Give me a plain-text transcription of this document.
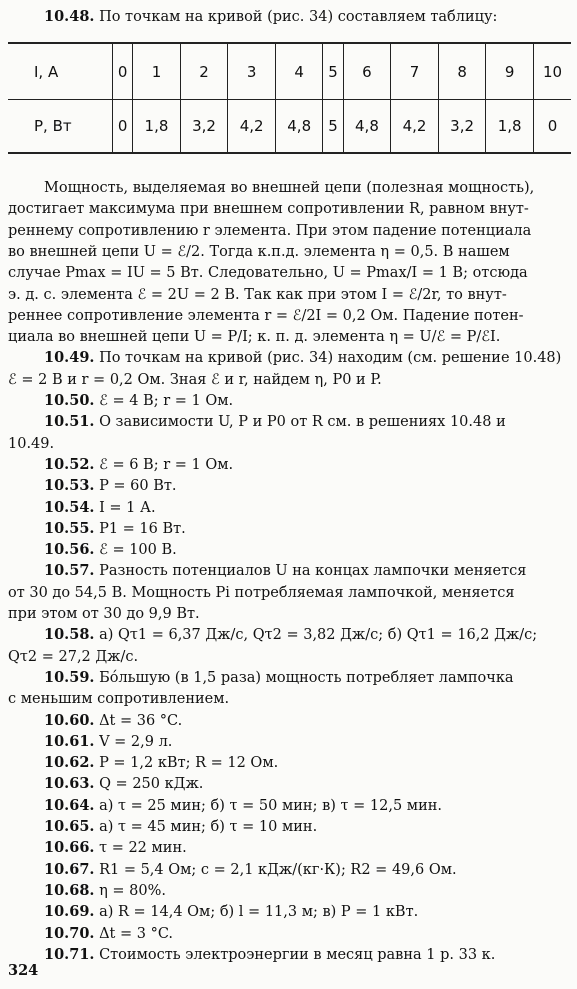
10.48. По точкам на кривой (рис. 34) составляем таблицу:
I, A	0	1	2	3	4	5	6	7	8	9	10
P, Вт	0	1,8	3,2	4,2	4,8	5	4,8	4,2	3,2	1,8	0
Мощность, выделяемая во внешней цепи (полезная мощность),
достигает максимума при внешнем сопротивлении R, равном внут-
реннему сопротивлению r элемента. При этом падение потенциала
во внешней цепи U = ℰ/2. Тогда к.п.д. элемента η = 0,5. В нашем
случае Pmax = IU = 5 Вт. Следовательно, U = Pmax/I = 1 В; отсюда
э. д. с. элемента ℰ = 2U = 2 В. Так как при этом I = ℰ/2r, то внут-
реннее сопротивление элемента r = ℰ/2I = 0,2 Ом. Падение потен-
циала во внешней цепи U = P/I; к. п. д. элемента η = U/ℰ = P/ℰI.
10.49. По точкам на кривой (рис. 34) находим (см. решение 10.48)
ℰ = 2 В и r = 0,2 Ом. Зная ℰ и r, найдем η, P0 и P.
10.50. ℰ = 4 В; r = 1 Ом.
10.51. О зависимости U, P и P0 от R см. в решениях 10.48 и
10.49.
10.52. ℰ = 6 В; r = 1 Ом.
10.53. P = 60 Вт.
10.54. I = 1 А.
10.55. P1 = 16 Вт.
10.56. ℰ = 100 В.
10.57. Разность потенциалов U на концах лампочки меняется
от 30 до 54,5 В. Мощность Pi потребляемая лампочкой, меняется
при этом от 30 до 9,9 Вт.
10.58. а) Qτ1 = 6,37 Дж/с, Qτ2 = 3,82 Дж/с; б) Qτ1 = 16,2 Дж/с;
Qτ2 = 27,2 Дж/с.
10.59. Бóльшую (в 1,5 раза) мощность потребляет лампочка
с меньшим сопротивлением.
10.60. Δt = 36 °C.
10.61. V = 2,9 л.
10.62. P = 1,2 кВт; R = 12 Ом.
10.63. Q = 250 кДж.
10.64. а) τ = 25 мин; б) τ = 50 мин; в) τ = 12,5 мин.
10.65. а) τ = 45 мин; б) τ = 10 мин.
10.66. τ = 22 мин.
10.67. R1 = 5,4 Ом; c = 2,1 кДж/(кг·К); R2 = 49,6 Ом.
10.68. η = 80%.
10.69. а) R = 14,4 Ом; б) l = 11,3 м; в) P = 1 кВт.
10.70. Δt = 3 °C.
10.71. Стоимость электроэнергии в месяц равна 1 р. 33 к.
324
